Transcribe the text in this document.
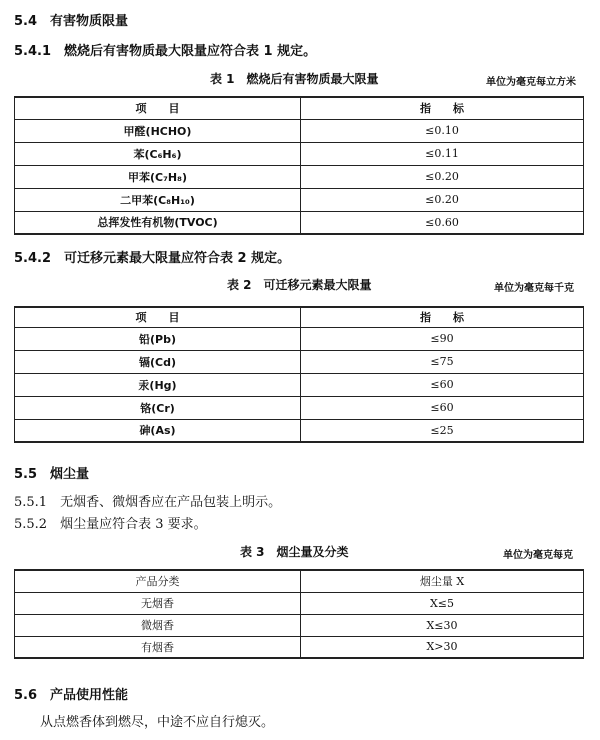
5.4　有害物质限量
5.4.1　燃烧后有害物质最大限量应符合表 1 规定。
表 1　燃烧后有害物质最大限量	单位为毫克每立方米
项　　目	指　　标
甲醛(HCHO)	≤0.10
苯(C₆H₆)	≤0.11
甲苯(C₇H₈)	≤0.20
二甲苯(C₈H₁₀)	≤0.20
总挥发性有机物(TVOC)	≤0.60
5.4.2　可迁移元素最大限量应符合表 2 规定。
表 2　可迁移元素最大限量	单位为毫克每千克
项　　目	指　　标
铅(Pb)	≤90
镉(Cd)	≤75
汞(Hg)	≤60
铬(Cr)	≤60
砷(As)	≤25
5.5　烟尘量
5.5.1　无烟香、微烟香应在产品包装上明示。
5.5.2　烟尘量应符合表 3 要求。
表 3　烟尘量及分类	单位为毫克每克
产品分类	烟尘量 X
无烟香	X≤5
微烟香	X≤30
有烟香	X>30
5.6　产品使用性能
从点燃香体到燃尽，中途不应自行熄灭。
